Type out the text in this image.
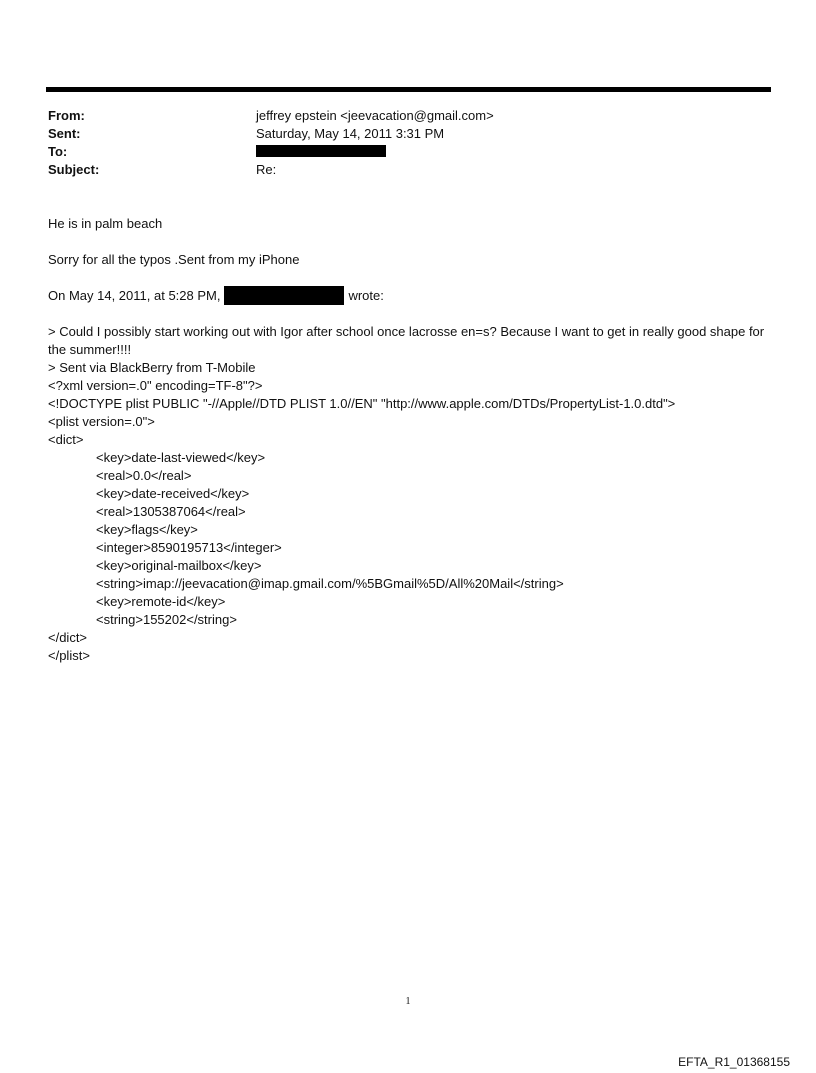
From:	jeffrey epstein <jeevacation@gmail.com>
Sent:	Saturday, May 14, 2011 3:31 PM
To:
Subject:	Re:

He is in palm beach

Sorry for all the typos .Sent from my iPhone

On May 14, 2011, at 5:28 PM,	wrote:

> Could I possibly start working out with Igor after school once lacrosse en=s? Because I want to get in really good shape for the summer!!!!

> Sent via BlackBerry from T-Mobile

<?xml version=.0" encoding=TF-8"?>

<!DOCTYPE plist PUBLIC "-//Apple//DTD PLIST 1.0//EN" "http://www.apple.com/DTDs/PropertyList-1.0.dtd">

<plist version=.0">

<dict>

<key>date-last-viewed</key>

<real>0.0</real>

<key>date-received</key>

<real>1305387064</real>

<key>flags</key>

<integer>8590195713</integer>

<key>original-mailbox</key>

<string>imap://jeevacation@imap.gmail.com/%5BGmail%5D/All%20Mail</string>

<key>remote-id</key>

<string>155202</string>

</dict>

</plist>

1
EFTA_R1_01368155
